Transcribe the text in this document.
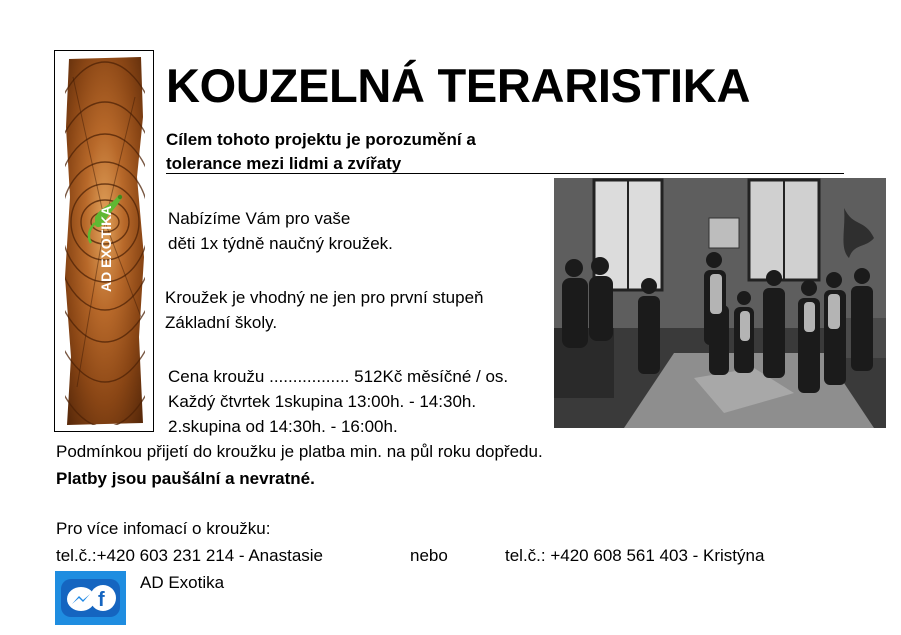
AD EXOTIKA
KOUZELNÁ TERARISTIKA
Cílem tohoto projektu je porozumění a
tolerance mezi lidmi a zvířaty
Nabízíme Vám pro vaše
děti 1x týdně naučný kroužek.
Kroužek je vhodný ne jen pro první stupeň
Základní školy.
Cena kroužu ................. 512Kč měsíčné / os.
Každý čtvrtek 1skupina 13:00h. - 14:30h.
2.skupina od 14:30h. - 16:00h.
Podmínkou přijetí do kroužku je platba min. na půl roku dopředu.
Platby jsou paušální a nevratné.
Pro více infomací o kroužku:
tel.č.:+420 603 231 214 - Anastasie	nebo	tel.č.: +420 608 561 403 - Kristýna
f
AD Exotika
